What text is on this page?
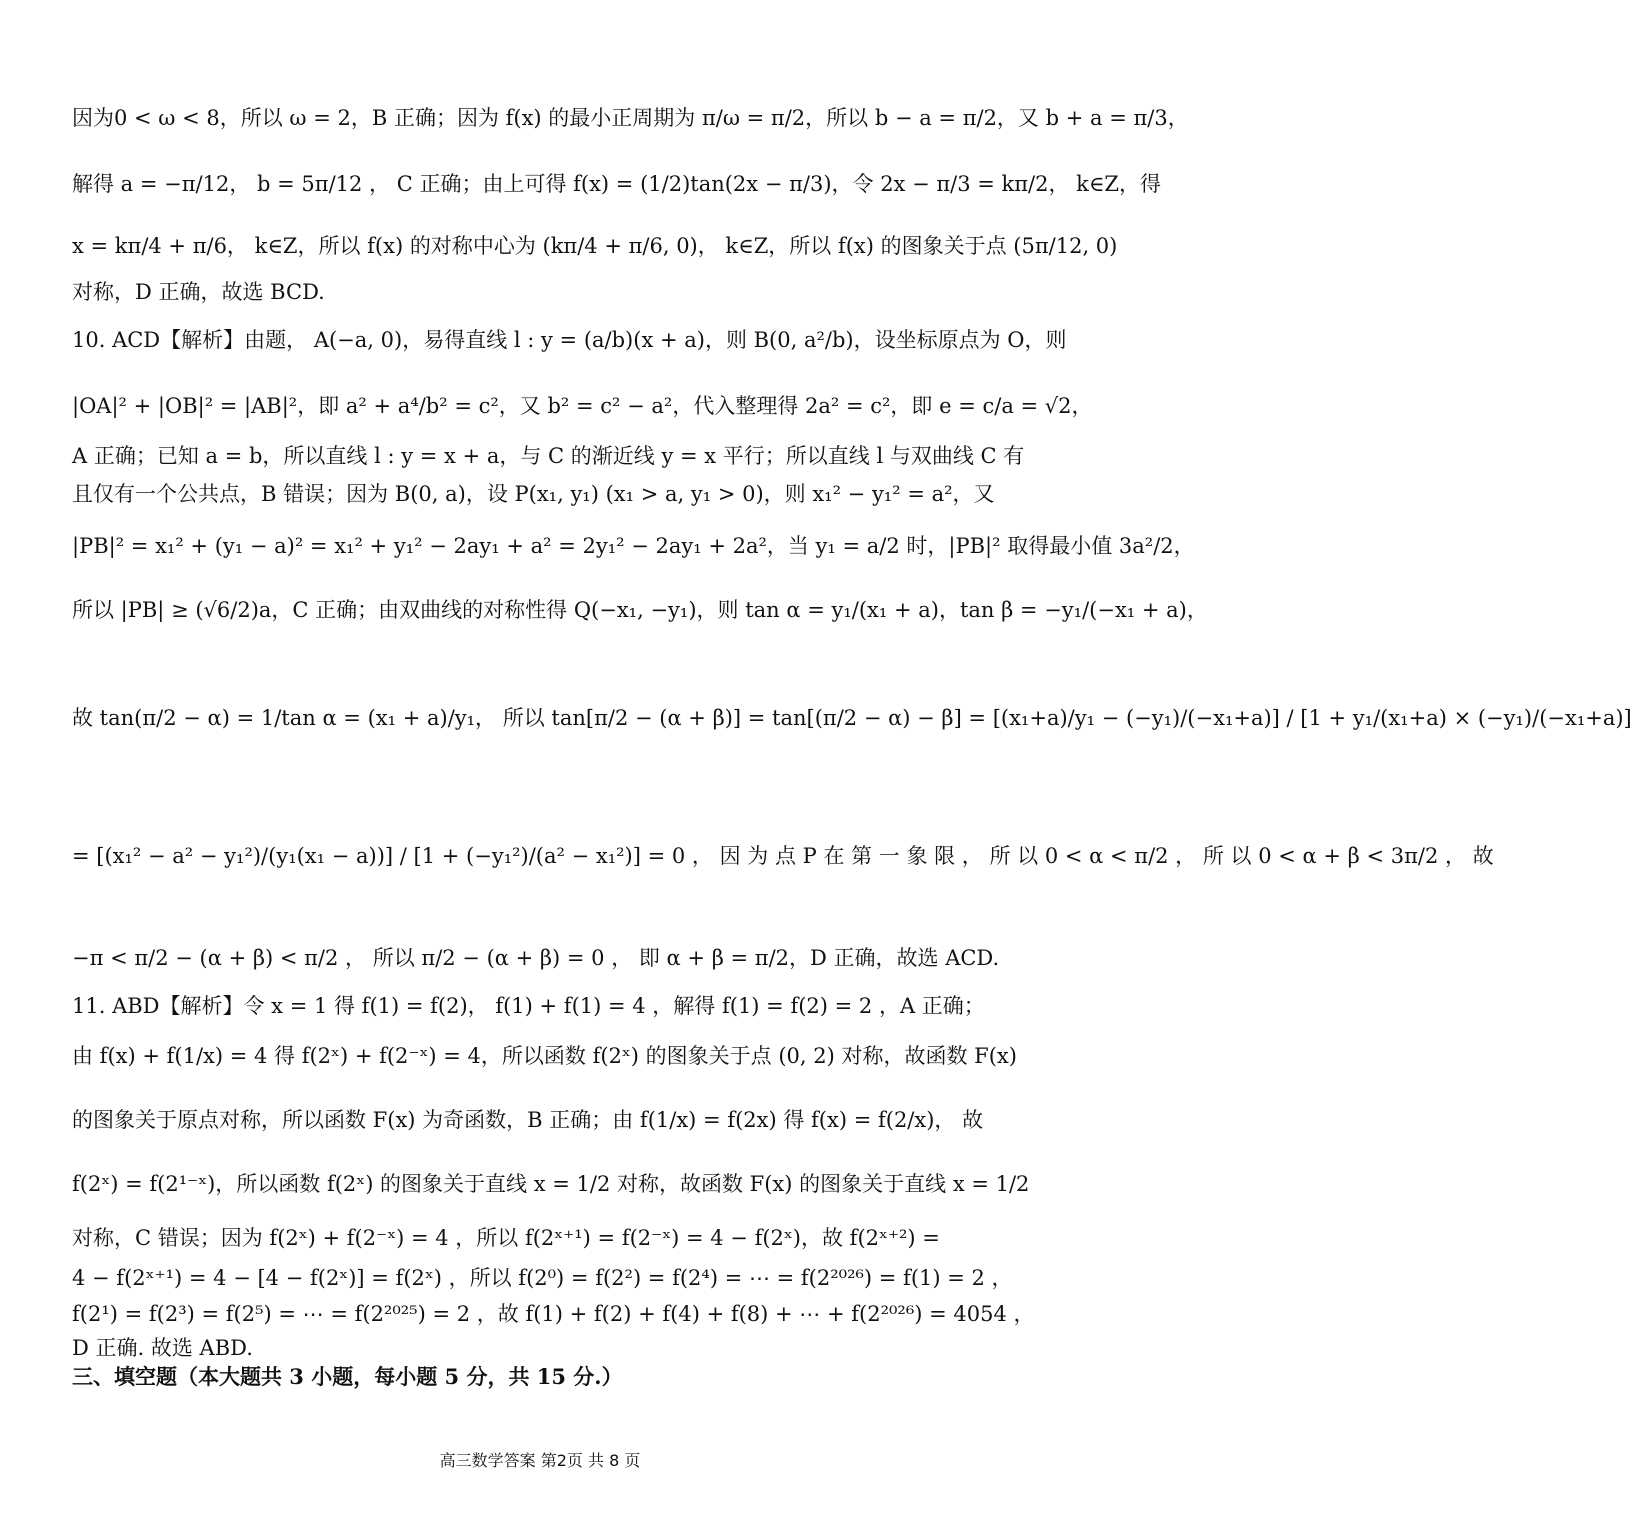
因为0 < ω < 8，所以 ω = 2，B 正确；因为 f(x) 的最小正周期为 π/ω = π/2，所以 b − a = π/2，又 b + a = π/3，
解得 a = −π/12， b = 5π/12 ， C 正确；由上可得 f(x) = (1/2)tan(2x − π/3)，令 2x − π/3 = kπ/2， k∈Z，得
x = kπ/4 + π/6， k∈Z，所以 f(x) 的对称中心为 (kπ/4 + π/6, 0)， k∈Z，所以 f(x) 的图象关于点 (5π/12, 0)
对称，D 正确，故选 BCD.
10. ACD【解析】由题， A(−a, 0)，易得直线 l : y = (a/b)(x + a)，则 B(0, a²/b)，设坐标原点为 O，则
|OA|² + |OB|² = |AB|²，即 a² + a⁴/b² = c²，又 b² = c² − a²，代入整理得 2a² = c²，即 e = c/a = √2，
A 正确；已知 a = b，所以直线 l : y = x + a，与 C 的渐近线 y = x 平行；所以直线 l 与双曲线 C 有
且仅有一个公共点，B 错误；因为 B(0, a)，设 P(x₁, y₁) (x₁ > a, y₁ > 0)，则 x₁² − y₁² = a²，又
|PB|² = x₁² + (y₁ − a)² = x₁² + y₁² − 2ay₁ + a² = 2y₁² − 2ay₁ + 2a²，当 y₁ = a/2 时，|PB|² 取得最小值 3a²/2，
所以 |PB| ≥ (√6/2)a，C 正确；由双曲线的对称性得 Q(−x₁, −y₁)，则 tan α = y₁/(x₁ + a)，tan β = −y₁/(−x₁ + a)，
故 tan(π/2 − α) = 1/tan α = (x₁ + a)/y₁， 所以 tan[π/2 − (α + β)] = tan[(π/2 − α) − β] = [(x₁+a)/y₁ − (−y₁)/(−x₁+a)] / [1 + y₁/(x₁+a) × (−y₁)/(−x₁+a)]
= [(x₁² − a² − y₁²)/(y₁(x₁ − a))] / [1 + (−y₁²)/(a² − x₁²)] = 0 ， 因 为 点 P 在 第 一 象 限 ， 所 以 0 < α < π/2 ， 所 以 0 < α + β < 3π/2 ， 故
−π < π/2 − (α + β) < π/2 ， 所以 π/2 − (α + β) = 0 ， 即 α + β = π/2，D 正确，故选 ACD.
11. ABD【解析】令 x = 1 得 f(1) = f(2)， f(1) + f(1) = 4 ，解得 f(1) = f(2) = 2 ，A 正确；
由 f(x) + f(1/x) = 4 得 f(2ˣ) + f(2⁻ˣ) = 4，所以函数 f(2ˣ) 的图象关于点 (0, 2) 对称，故函数 F(x)
的图象关于原点对称，所以函数 F(x) 为奇函数，B 正确；由 f(1/x) = f(2x) 得 f(x) = f(2/x)， 故
f(2ˣ) = f(2¹⁻ˣ)，所以函数 f(2ˣ) 的图象关于直线 x = 1/2 对称，故函数 F(x) 的图象关于直线 x = 1/2
对称，C 错误；因为 f(2ˣ) + f(2⁻ˣ) = 4 ，所以 f(2ˣ⁺¹) = f(2⁻ˣ) = 4 − f(2ˣ)，故 f(2ˣ⁺²) =
4 − f(2ˣ⁺¹) = 4 − [4 − f(2ˣ)] = f(2ˣ) ，所以 f(2⁰) = f(2²) = f(2⁴) = ⋯ = f(2²⁰²⁶) = f(1) = 2 ，
f(2¹) = f(2³) = f(2⁵) = ⋯ = f(2²⁰²⁵) = 2 ，故 f(1) + f(2) + f(4) + f(8) + ⋯ + f(2²⁰²⁶) = 4054 ，
D 正确. 故选 ABD.
三、填空题（本大题共 3 小题，每小题 5 分，共 15 分.）
高三数学答案 第2页 共 8 页
